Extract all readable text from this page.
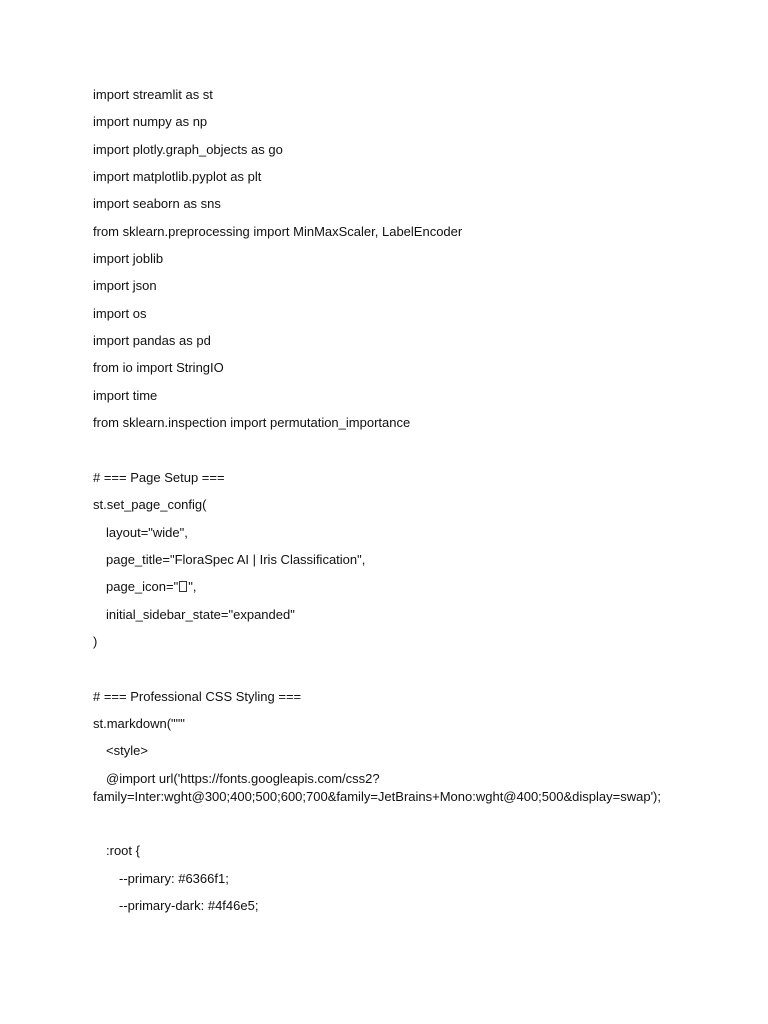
import streamlit as st
import numpy as np
import plotly.graph_objects as go
import matplotlib.pyplot as plt
import seaborn as sns
from sklearn.preprocessing import MinMaxScaler, LabelEncoder
import joblib
import json
import os
import pandas as pd
from io import StringIO
import time
from sklearn.inspection import permutation_importance
# === Page Setup ===
st.set_page_config(
layout="wide",
page_title="FloraSpec AI | Iris Classification",
page_icon=" ",
initial_sidebar_state="expanded"
)
# === Professional CSS Styling ===
st.markdown("""
<style>
@import url('https://fonts.googleapis.com/css2?family=Inter:wght@300;400;500;600;700&family=JetBrains+Mono:wght@400;500&display=swap');
:root {
--primary: #6366f1;
--primary-dark: #4f46e5;
